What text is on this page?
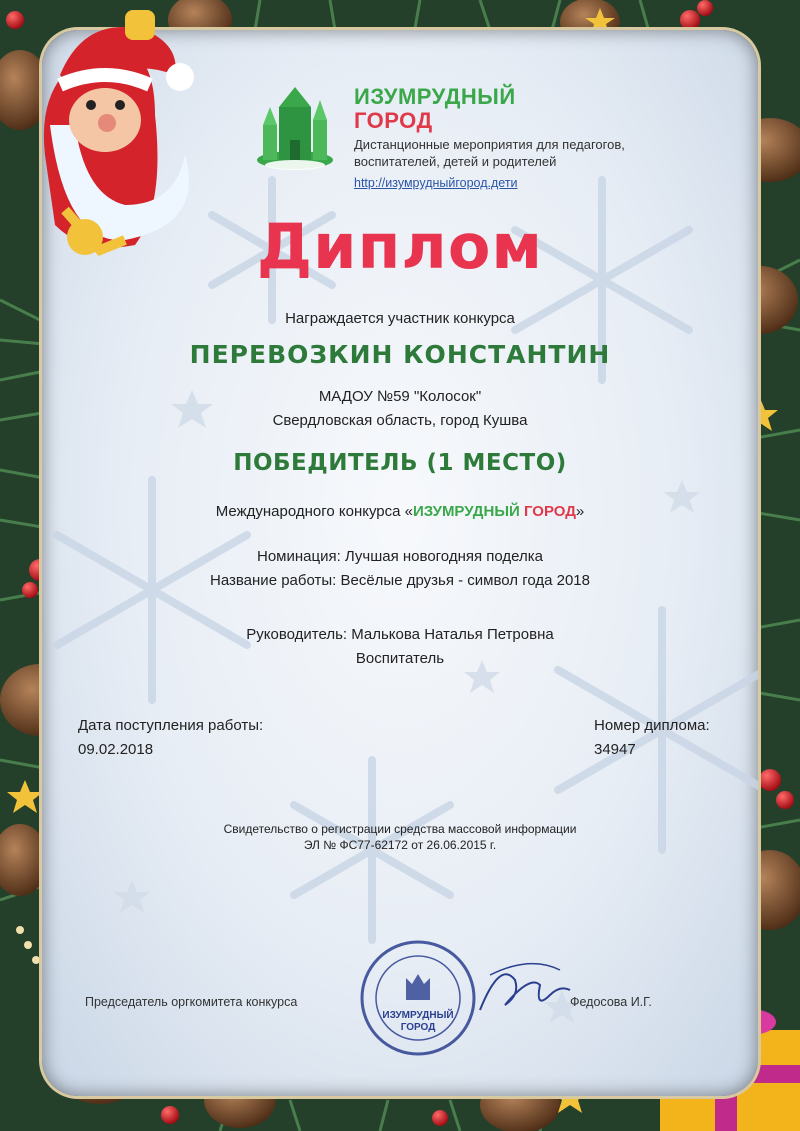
ИЗУМРУДНЫЙ
ГОРОД
Дистанционные мероприятия для педагогов,
воспитателей, детей и родителей
http://изумрудныйгород.дети
Диплом
Награждается участник конкурса
ПЕРЕВОЗКИН КОНСТАНТИН
МАДОУ №59 "Колосок"
Свердловская область, город Кушва
ПОБЕДИТЕЛЬ (1 МЕСТО)
Международного конкурса «ИЗУМРУДНЫЙ ГОРОД»
Номинация: Лучшая новогодняя поделка
Название работы: Весёлые друзья - символ года 2018
Руководитель: Малькова Наталья Петровна
Воспитатель
Дата поступления работы:
09.02.2018
Номер диплома:
34947
Свидетельство о регистрации средства массовой информации
ЭЛ № ФС77-62172 от 26.06.2015 г.
Председатель оргкомитета конкурса	Федосова И.Г.
ИЗУМРУДНЫЙ
ГОРОД
